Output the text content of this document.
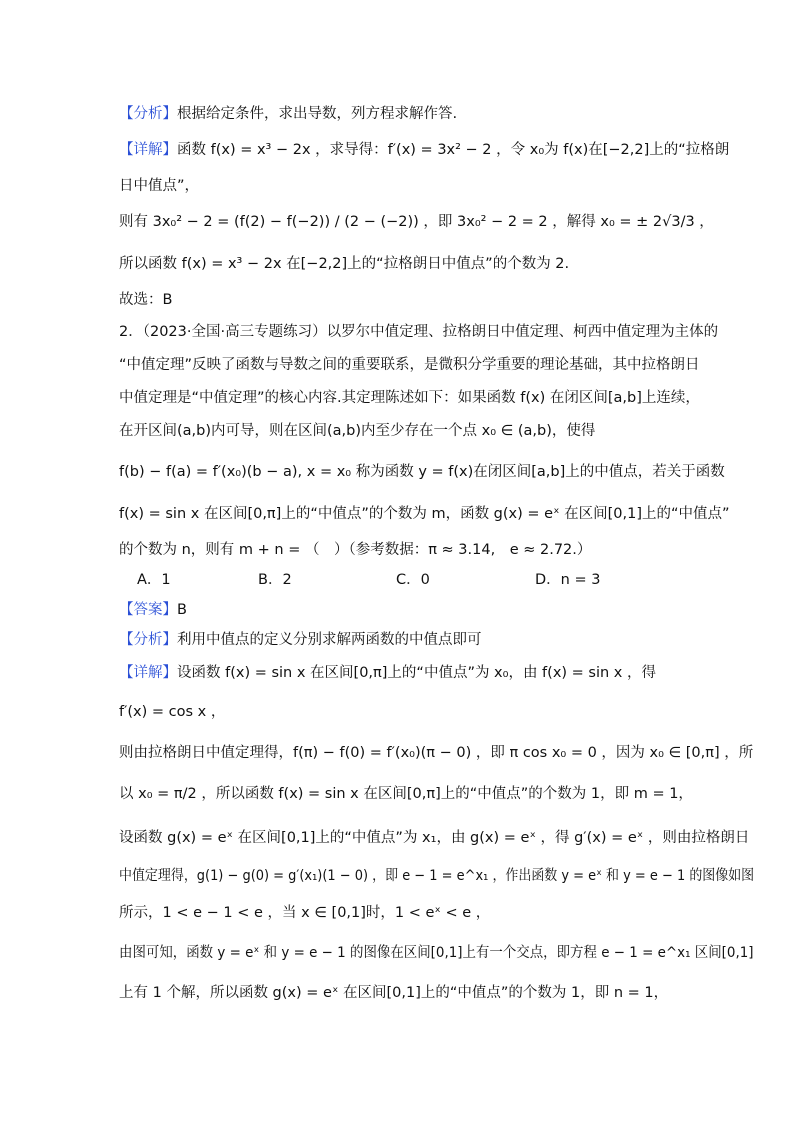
【分析】根据给定条件，求出导数，列方程求解作答.
【详解】函数 f(x) = x³ − 2x ，求导得：f′(x) = 3x² − 2 ，令 x₀为 f(x)在[−2,2]上的“拉格朗
日中值点”，
则有 3x₀² − 2 = (f(2) − f(−2)) / (2 − (−2)) ，即 3x₀² − 2 = 2 ，解得 x₀ = ± 2√3/3 ，
所以函数 f(x) = x³ − 2x 在[−2,2]上的“拉格朗日中值点”的个数为 2.
故选：B
2．（2023·全国·高三专题练习）以罗尔中值定理、拉格朗日中值定理、柯西中值定理为主体的
“中值定理”反映了函数与导数之间的重要联系，是微积分学重要的理论基础，其中拉格朗日
中值定理是“中值定理”的核心内容.其定理陈述如下：如果函数 f(x) 在闭区间[a,b]上连续，
在开区间(a,b)内可导，则在区间(a,b)内至少存在一个点 x₀ ∈ (a,b)，使得
f(b) − f(a) = f′(x₀)(b − a), x = x₀ 称为函数 y = f(x)在闭区间[a,b]上的中值点，若关于函数
f(x) = sin x 在区间[0,π]上的“中值点”的个数为 m，函数 g(x) = eˣ 在区间[0,1]上的“中值点”
的个数为 n，则有 m + n = （　）（参考数据：π ≈ 3.14,　e ≈ 2.72.）
A．1	B．2	C．0	D．n = 3
【答案】B
【分析】利用中值点的定义分别求解两函数的中值点即可
【详解】设函数 f(x) = sin x 在区间[0,π]上的“中值点”为 x₀，由 f(x) = sin x ，得
f′(x) = cos x ，
则由拉格朗日中值定理得，f(π) − f(0) = f′(x₀)(π − 0) ，即 π cos x₀ = 0 ，因为 x₀ ∈ [0,π] ，所
以 x₀ = π/2 ，所以函数 f(x) = sin x 在区间[0,π]上的“中值点”的个数为 1，即 m = 1，
设函数 g(x) = eˣ 在区间[0,1]上的“中值点”为 x₁，由 g(x) = eˣ ，得 g′(x) = eˣ ，则由拉格朗日
中值定理得，g(1) − g(0) = g′(x₁)(1 − 0) ，即 e − 1 = e^x₁ ，作出函数 y = eˣ 和 y = e − 1 的图像如图
所示，1 < e − 1 < e ，当 x ∈ [0,1]时，1 < eˣ < e ，
由图可知，函数 y = eˣ 和 y = e − 1 的图像在区间[0,1]上有一个交点，即方程 e − 1 = e^x₁ 区间[0,1]
上有 1 个解，所以函数 g(x) = eˣ 在区间[0,1]上的“中值点”的个数为 1，即 n = 1，
